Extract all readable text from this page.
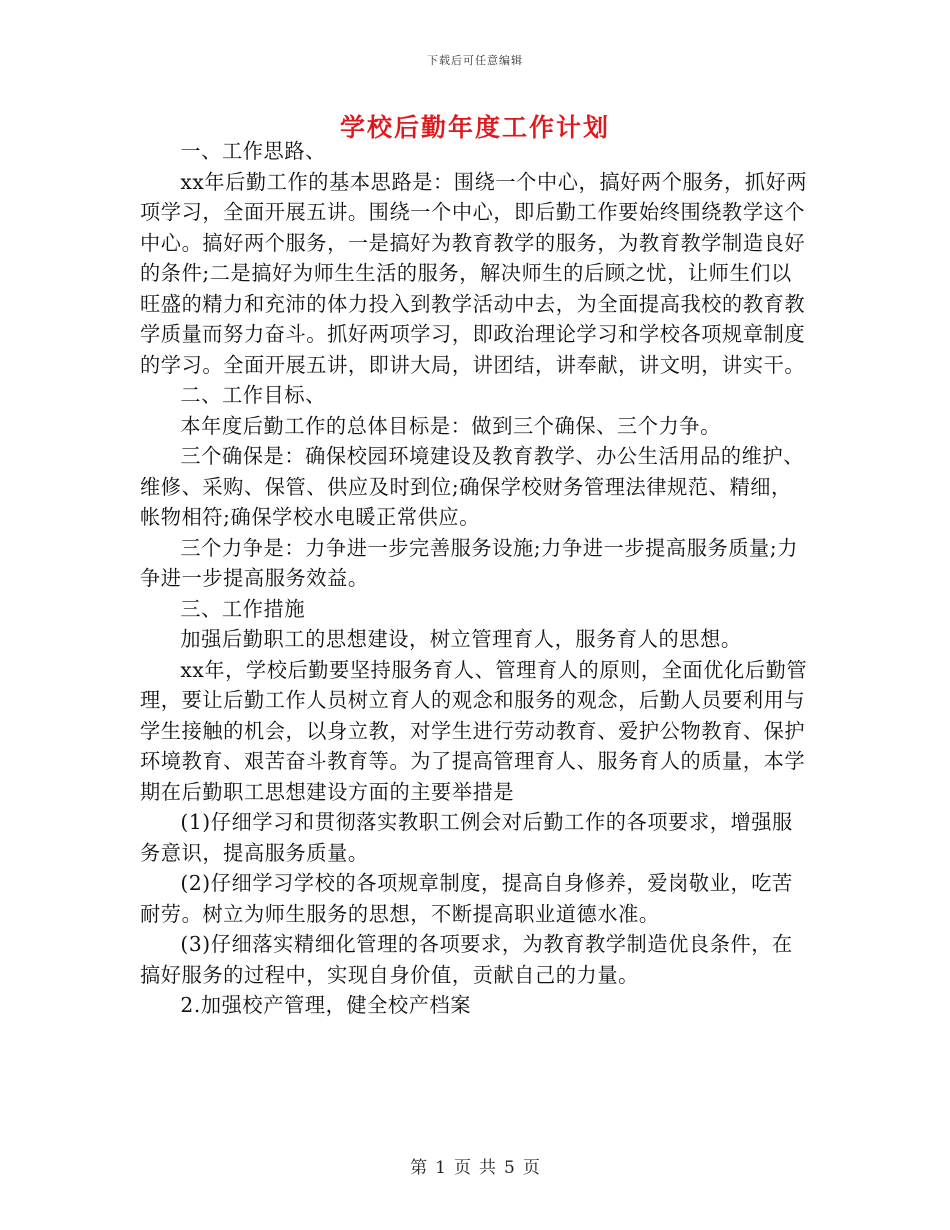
下载后可任意编辑
学校后勤年度工作计划

一、工作思路、

xx年后勤工作的基本思路是：围绕一个中心，搞好两个服务，抓好两项学习，全面开展五讲。围绕一个中心，即后勤工作要始终围绕教学这个中心。搞好两个服务，一是搞好为教育教学的服务，为教育教学制造良好的条件;二是搞好为师生生活的服务，解决师生的后顾之忧，让师生们以旺盛的精力和充沛的体力投入到教学活动中去，为全面提高我校的教育教学质量而努力奋斗。抓好两项学习，即政治理论学习和学校各项规章制度的学习。全面开展五讲，即讲大局，讲团结，讲奉献，讲文明，讲实干。

二、工作目标、

本年度后勤工作的总体目标是：做到三个确保、三个力争。

三个确保是：确保校园环境建设及教育教学、办公生活用品的维护、维修、采购、保管、供应及时到位;确保学校财务管理法律规范、精细，帐物相符;确保学校水电暖正常供应。

三个力争是：力争进一步完善服务设施;力争进一步提高服务质量;力争进一步提高服务效益。

三、工作措施

加强后勤职工的思想建设，树立管理育人，服务育人的思想。

xx年，学校后勤要坚持服务育人、管理育人的原则，全面优化后勤管理，要让后勤工作人员树立育人的观念和服务的观念，后勤人员要利用与学生接触的机会，以身立教，对学生进行劳动教育、爱护公物教育、保护环境教育、艰苦奋斗教育等。为了提高管理育人、服务育人的质量，本学期在后勤职工思想建设方面的主要举措是

(1)仔细学习和贯彻落实教职工例会对后勤工作的各项要求，增强服务意识，提高服务质量。

(2)仔细学习学校的各项规章制度，提高自身修养，爱岗敬业，吃苦耐劳。树立为师生服务的思想，不断提高职业道德水准。

(3)仔细落实精细化管理的各项要求，为教育教学制造优良条件，在搞好服务的过程中，实现自身价值，贡献自己的力量。

2.加强校产管理，健全校产档案

第 1 页 共 5 页
